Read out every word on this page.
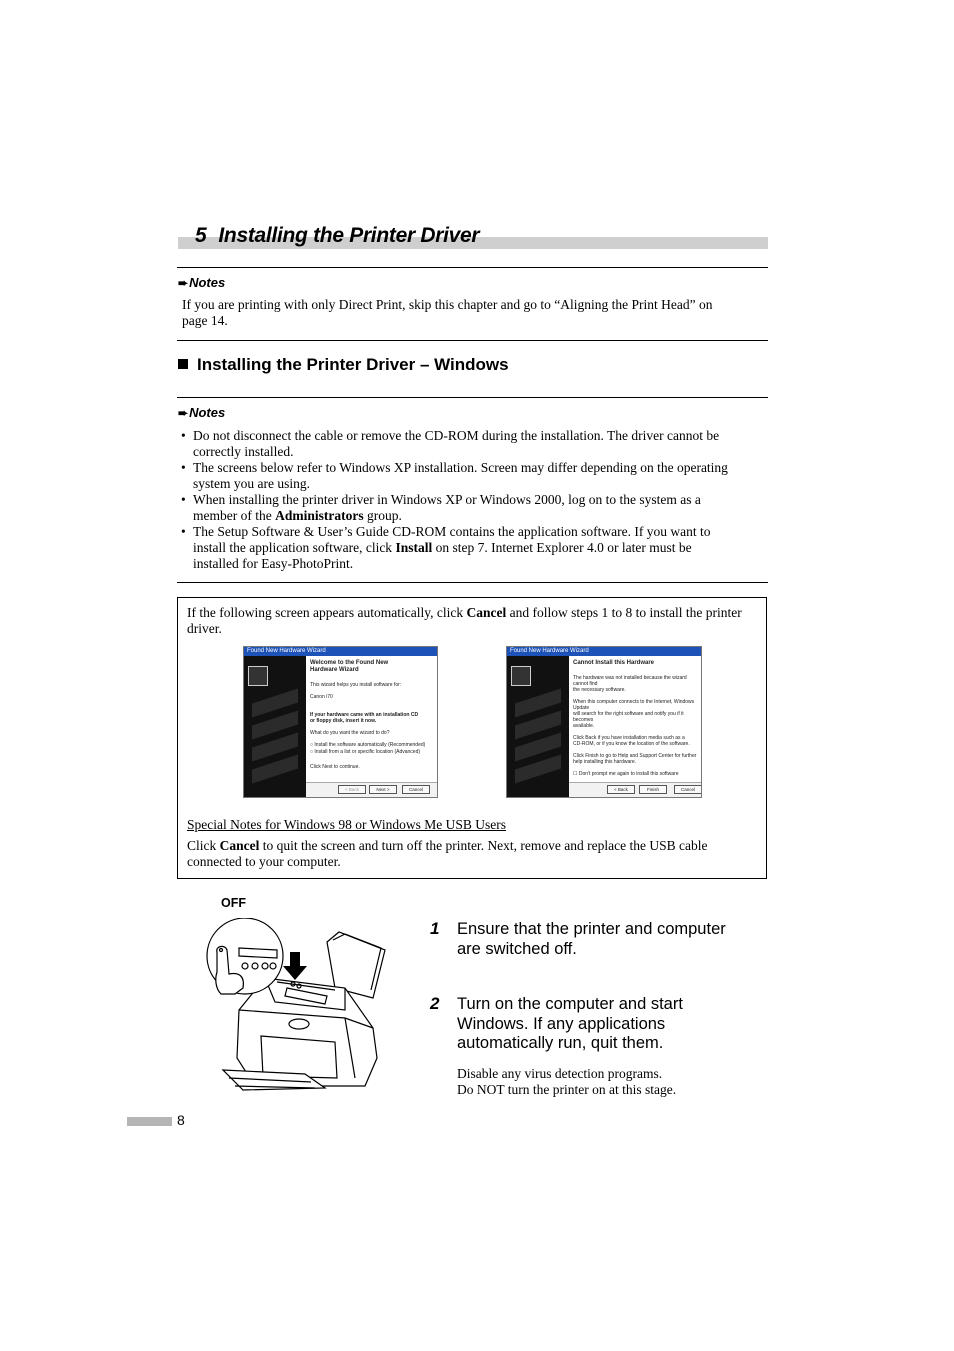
5 Installing the Printer Driver
➨Notes
If you are printing with only Direct Print, skip this chapter and go to “Aligning the Print Head” on
page 14.
Installing the Printer Driver – Windows
➨Notes
• Do not disconnect the cable or remove the CD-ROM during the installation. The driver cannot be
correctly installed.
• The screens below refer to Windows XP installation. Screen may differ depending on the operating
system you are using.
• When installing the printer driver in Windows XP or Windows 2000, log on to the system as a
member of the Administrators group.
• The Setup Software & User’s Guide CD-ROM contains the application software. If you want to
install the application software, click Install on step 7. Internet Explorer 4.0 or later must be
installed for Easy-PhotoPrint.
If the following screen appears automatically, click Cancel and follow steps 1 to 8 to install the printer
driver.
Found New Hardware Wizard
Welcome to the Found New
Hardware Wizard

This wizard helps you install software for:

Canon i70

If your hardware came with an installation CD

or floppy disk, insert it now.

What do you want the wizard to do?

○ Install the software automatically (Recommended)

○ Install from a list or specific location (Advanced)

Click Next to continue.

< Back	Next >	Cancel
Found New Hardware Wizard
Cannot Install this Hardware

The hardware was not installed because the wizard cannot find

the necessary software.

When this computer connects to the Internet, Windows Update

will search for the right software and notify you if it becomes

available.

Click Back if you have installation media such as a

CD-ROM, or if you know the location of the software.

Click Finish to go to Help and Support Center for further

help installing this hardware.

☐ Don't prompt me again to install this software

< Back	Finish	Cancel
Special Notes for Windows 98 or Windows Me USB Users
Click Cancel to quit the screen and turn off the printer. Next, remove and replace the USB cable
connected to your computer.
OFF
1 Ensure that the printer and computer
are switched off.
2 Turn on the computer and start
Windows. If any applications
automatically run, quit them.
Disable any virus detection programs.
Do NOT turn the printer on at this stage.
8
